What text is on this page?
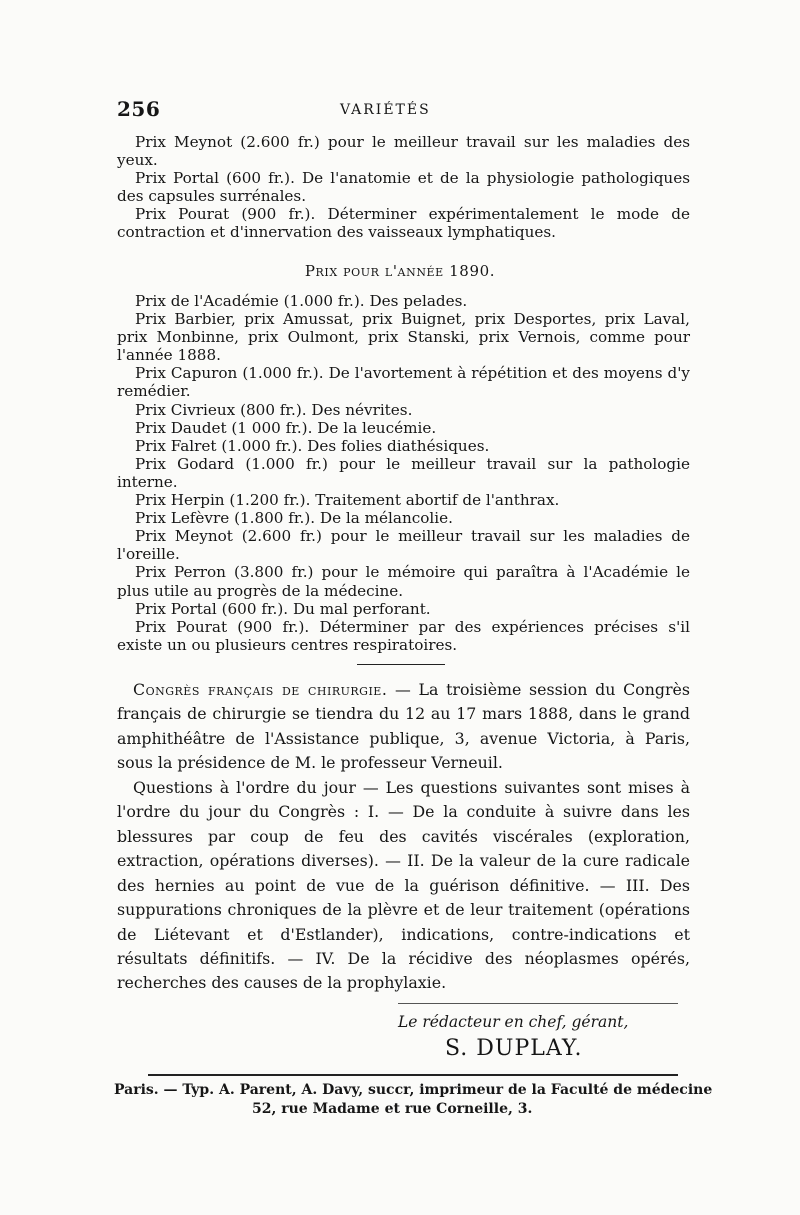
256	VARIÉTÉS

Prix Meynot (2.600 fr.) pour le meilleur travail sur les maladies des yeux.

Prix Portal (600 fr.). De l'anatomie et de la physiologie pathologiques des capsules surrénales.

Prix Pourat (900 fr.). Déterminer expérimentalement le mode de contraction et d'innervation des vaisseaux lymphatiques.

Prix pour l'année 1890.

Prix de l'Académie (1.000 fr.). Des pelades.

Prix Barbier, prix Amussat, prix Buignet, prix Desportes, prix Laval, prix Monbinne, prix Oulmont, prix Stanski, prix Vernois, comme pour l'année 1888.

Prix Capuron (1.000 fr.). De l'avortement à répétition et des moyens d'y remédier.

Prix Civrieux (800 fr.). Des névrites.

Prix Daudet (1 000 fr.). De la leucémie.

Prix Falret (1.000 fr.). Des folies diathésiques.

Prix Godard (1.000 fr.) pour le meilleur travail sur la pathologie interne.

Prix Herpin (1.200 fr.). Traitement abortif de l'anthrax.

Prix Lefèvre (1.800 fr.). De la mélancolie.

Prix Meynot (2.600 fr.) pour le meilleur travail sur les maladies de l'oreille.

Prix Perron (3.800 fr.) pour le mémoire qui paraîtra à l'Académie le plus utile au progrès de la médecine.

Prix Portal (600 fr.). Du mal perforant.

Prix Pourat (900 fr.). Déterminer par des expériences précises s'il existe un ou plusieurs centres respiratoires.

Congrès français de chirurgie. — La troisième session du Congrès français de chirurgie se tiendra du 12 au 17 mars 1888, dans le grand amphithéâtre de l'Assistance publique, 3, avenue Victoria, à Paris, sous la présidence de M. le professeur Verneuil.

Questions à l'ordre du jour — Les questions suivantes sont mises à l'ordre du jour du Congrès : I. — De la conduite à suivre dans les blessures par coup de feu des cavités viscérales (exploration, extraction, opérations diverses). — II. De la valeur de la cure radicale des hernies au point de vue de la guérison définitive. — III. Des suppurations chroniques de la plèvre et de leur traitement (opérations de Liétevant et d'Estlander), indications, contre-indications et résultats définitifs. — IV. De la récidive des néoplasmes opérés, recherches des causes de la prophylaxie.

Le rédacteur en chef, gérant,
S. DUPLAY.
Paris. — Typ. A. Parent, A. Davy, succr, imprimeur de la Faculté de médecine
52, rue Madame et rue Corneille, 3.
